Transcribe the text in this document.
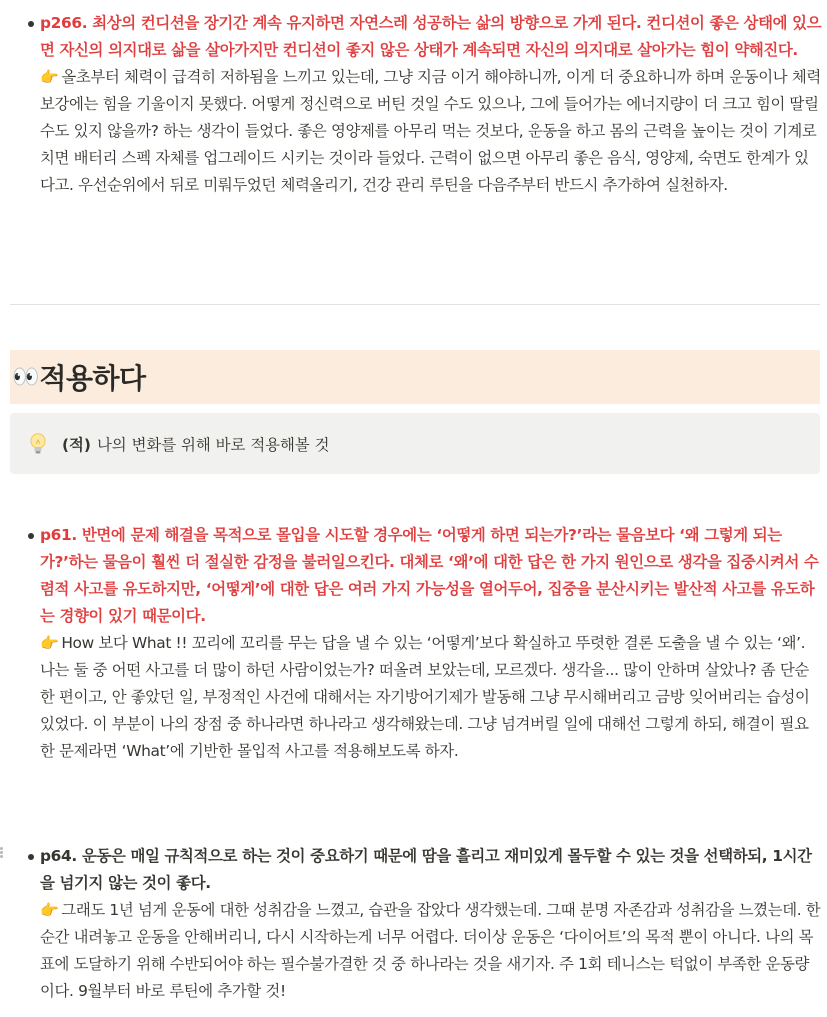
p266. 최상의 컨디션을 장기간 계속 유지하면 자연스레 성공하는 삶의 방향으로 가게 된다. 컨디션이 좋은 상태에 있으면 자신의 의지대로 삶을 살아가지만 컨디션이 좋지 않은 상태가 계속되면 자신의 의지대로 살아가는 힘이 약해진다.
👉 올초부터 체력이 급격히 저하됨을 느끼고 있는데, 그냥 지금 이거 해야하니까, 이게 더 중요하니까 하며 운동이나 체력 보강에는 힘을 기울이지 못했다. 어떻게 정신력으로 버틴 것일 수도 있으나, 그에 들어가는 에너지량이 더 크고 힘이 딸릴 수도 있지 않을까? 하는 생각이 들었다. 좋은 영양제를 아무리 먹는 것보다, 운동을 하고 몸의 근력을 높이는 것이 기계로 치면 배터리 스펙 자체를 업그레이드 시키는 것이라 들었다. 근력이 없으면 아무리 좋은 음식, 영양제, 숙면도 한계가 있다고. 우선순위에서 뒤로 미뤄두었던 체력올리기, 건강 관리 루틴을 다음주부터 반드시 추가하여 실천하자.
👀 적용하다
(적) 나의 변화를 위해 바로 적용해볼 것
p61. 반면에 문제 해결을 목적으로 몰입을 시도할 경우에는 ‘어떻게 하면 되는가?’라는 물음보다 ‘왜 그렇게 되는가?’하는 물음이 훨씬 더 절실한 감정을 불러일으킨다. 대체로 ‘왜’에 대한 답은 한 가지 원인으로 생각을 집중시켜서 수렴적 사고를 유도하지만, ‘어떻게’에 대한 답은 여러 가지 가능성을 열어두어, 집중을 분산시키는 발산적 사고를 유도하는 경향이 있기 때문이다.
👉 How 보다 What !! 꼬리에 꼬리를 무는 답을 낼 수 있는 ‘어떻게’보다 확실하고 뚜렷한 결론 도출을 낼 수 있는 ‘왜’. 나는 둘 중 어떤 사고를 더 많이 하던 사람이었는가? 떠올려 보았는데, 모르겠다. 생각을... 많이 안하며 살았나? 좀 단순한 편이고, 안 좋았던 일, 부정적인 사건에 대해서는 자기방어기제가 발동해 그냥 무시해버리고 금방 잊어버리는 습성이 있었다. 이 부분이 나의 장점 중 하나라면 하나라고 생각해왔는데. 그냥 넘겨버릴 일에 대해선 그렇게 하되, 해결이 필요한 문제라면 ‘What’에 기반한 몰입적 사고를 적용해보도록 하자.
p64. 운동은 매일 규칙적으로 하는 것이 중요하기 때문에 땀을 흘리고 재미있게 몰두할 수 있는 것을 선택하되, 1시간을 넘기지 않는 것이 좋다.
👉 그래도 1년 넘게 운동에 대한 성취감을 느꼈고, 습관을 잡았다 생각했는데. 그때 분명 자존감과 성취감을 느꼈는데. 한 순간 내려놓고 운동을 안해버리니, 다시 시작하는게 너무 어렵다. 더이상 운동은 ‘다이어트’의 목적 뿐이 아니다. 나의 목표에 도달하기 위해 수반되어야 하는 필수불가결한 것 중 하나라는 것을 새기자. 주 1회 테니스는 턱없이 부족한 운동량이다. 9월부터 바로 루틴에 추가할 것!
